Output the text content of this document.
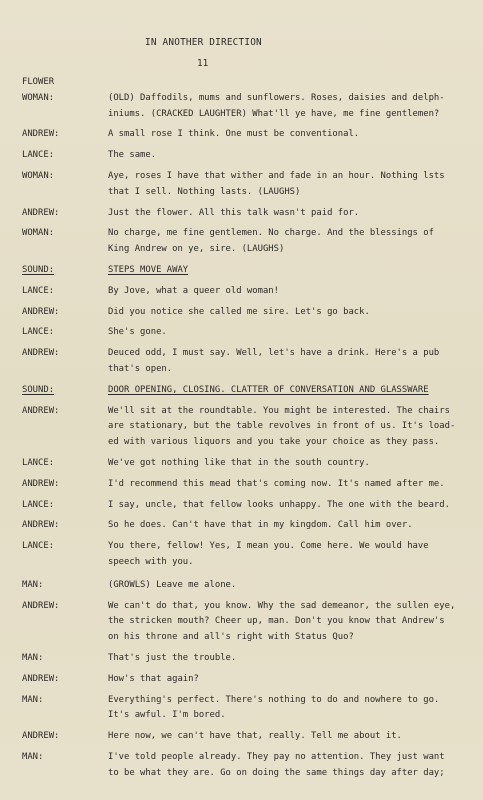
IN ANOTHER DIRECTION
11
FLOWER
WOMAN:	
(OLD) Daffodils, mums and sunflowers. Roses, daisies and delph-
iniums. (CRACKED LAUGHTER) What'll ye have, me fine gentlemen?
ANDREW:	A small rose I think. One must be conventional.
LANCE:	The same.
WOMAN:	Aye, roses I have that wither and fade in an hour. Nothing lsts
that I sell. Nothing lasts. (LAUGHS)
ANDREW:	Just the flower. All this talk wasn't paid for.
WOMAN:	No charge, me fine gentlemen. No charge. And the blessings of
King Andrew on ye, sire. (LAUGHS)
SOUND:	STEPS MOVE AWAY
LANCE:	By Jove, what a queer old woman!
ANDREW:	Did you notice she called me sire. Let's go back.
LANCE:	She's gone.
ANDREW:	Deuced odd, I must say. Well, let's have a drink. Here's a pub
that's open.
SOUND:	DOOR OPENING, CLOSING. CLATTER OF CONVERSATION AND GLASSWARE
ANDREW:	We'll sit at the roundtable. You might be interested. The chairs
are stationary, but the table revolves in front of us. It's load-
ed with various liquors and you take your choice as they pass.
LANCE:	We've got nothing like that in the south country.
ANDREW:	I'd recommend this mead that's coming now. It's named after me.
LANCE:	I say, uncle, that fellow looks unhappy. The one with the beard.
ANDREW:	So he does. Can't have that in my kingdom. Call him over.
LANCE:	You there, fellow! Yes, I mean you. Come here. We would have
speech with you.
MAN:	(GROWLS) Leave me alone.
ANDREW:	We can't do that, you know. Why the sad demeanor, the sullen eye,
the stricken mouth? Cheer up, man. Don't you know that Andrew's
on his throne and all's right with Status Quo?
MAN:	That's just the trouble.
ANDREW:	How's that again?
MAN:	Everything's perfect. There's nothing to do and nowhere to go.
It's awful. I'm bored.
ANDREW:	Here now, we can't have that, really. Tell me about it.
MAN:	I've told people already. They pay no attention. They just want
to be what they are. Go on doing the same things day after day;
